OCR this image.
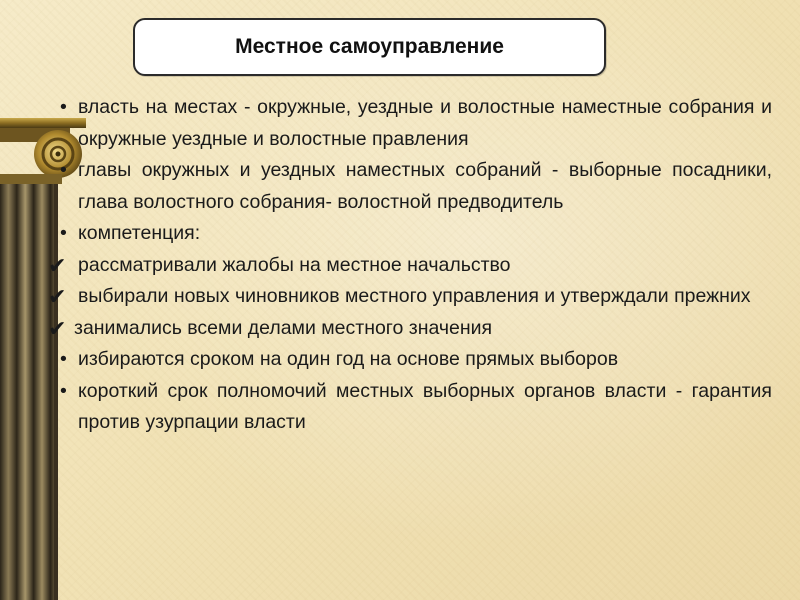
Местное самоуправление

• власть на местах - окружные, уездные и волостные наместные собрания и окружные уездные и волостные правления

• главы окружных и уездных наместных собраний - выборные посадники, глава волостного собрания- волостной предводитель

• компетенция:

✔ рассматривали жалобы на местное начальство

✔ выбирали новых чиновников местного управления и утверждали прежних

✔ занимались всеми делами местного значения

• избираются сроком на один год на основе прямых выборов

• короткий срок полномочий местных выборных органов власти - гарантия против узурпации власти
